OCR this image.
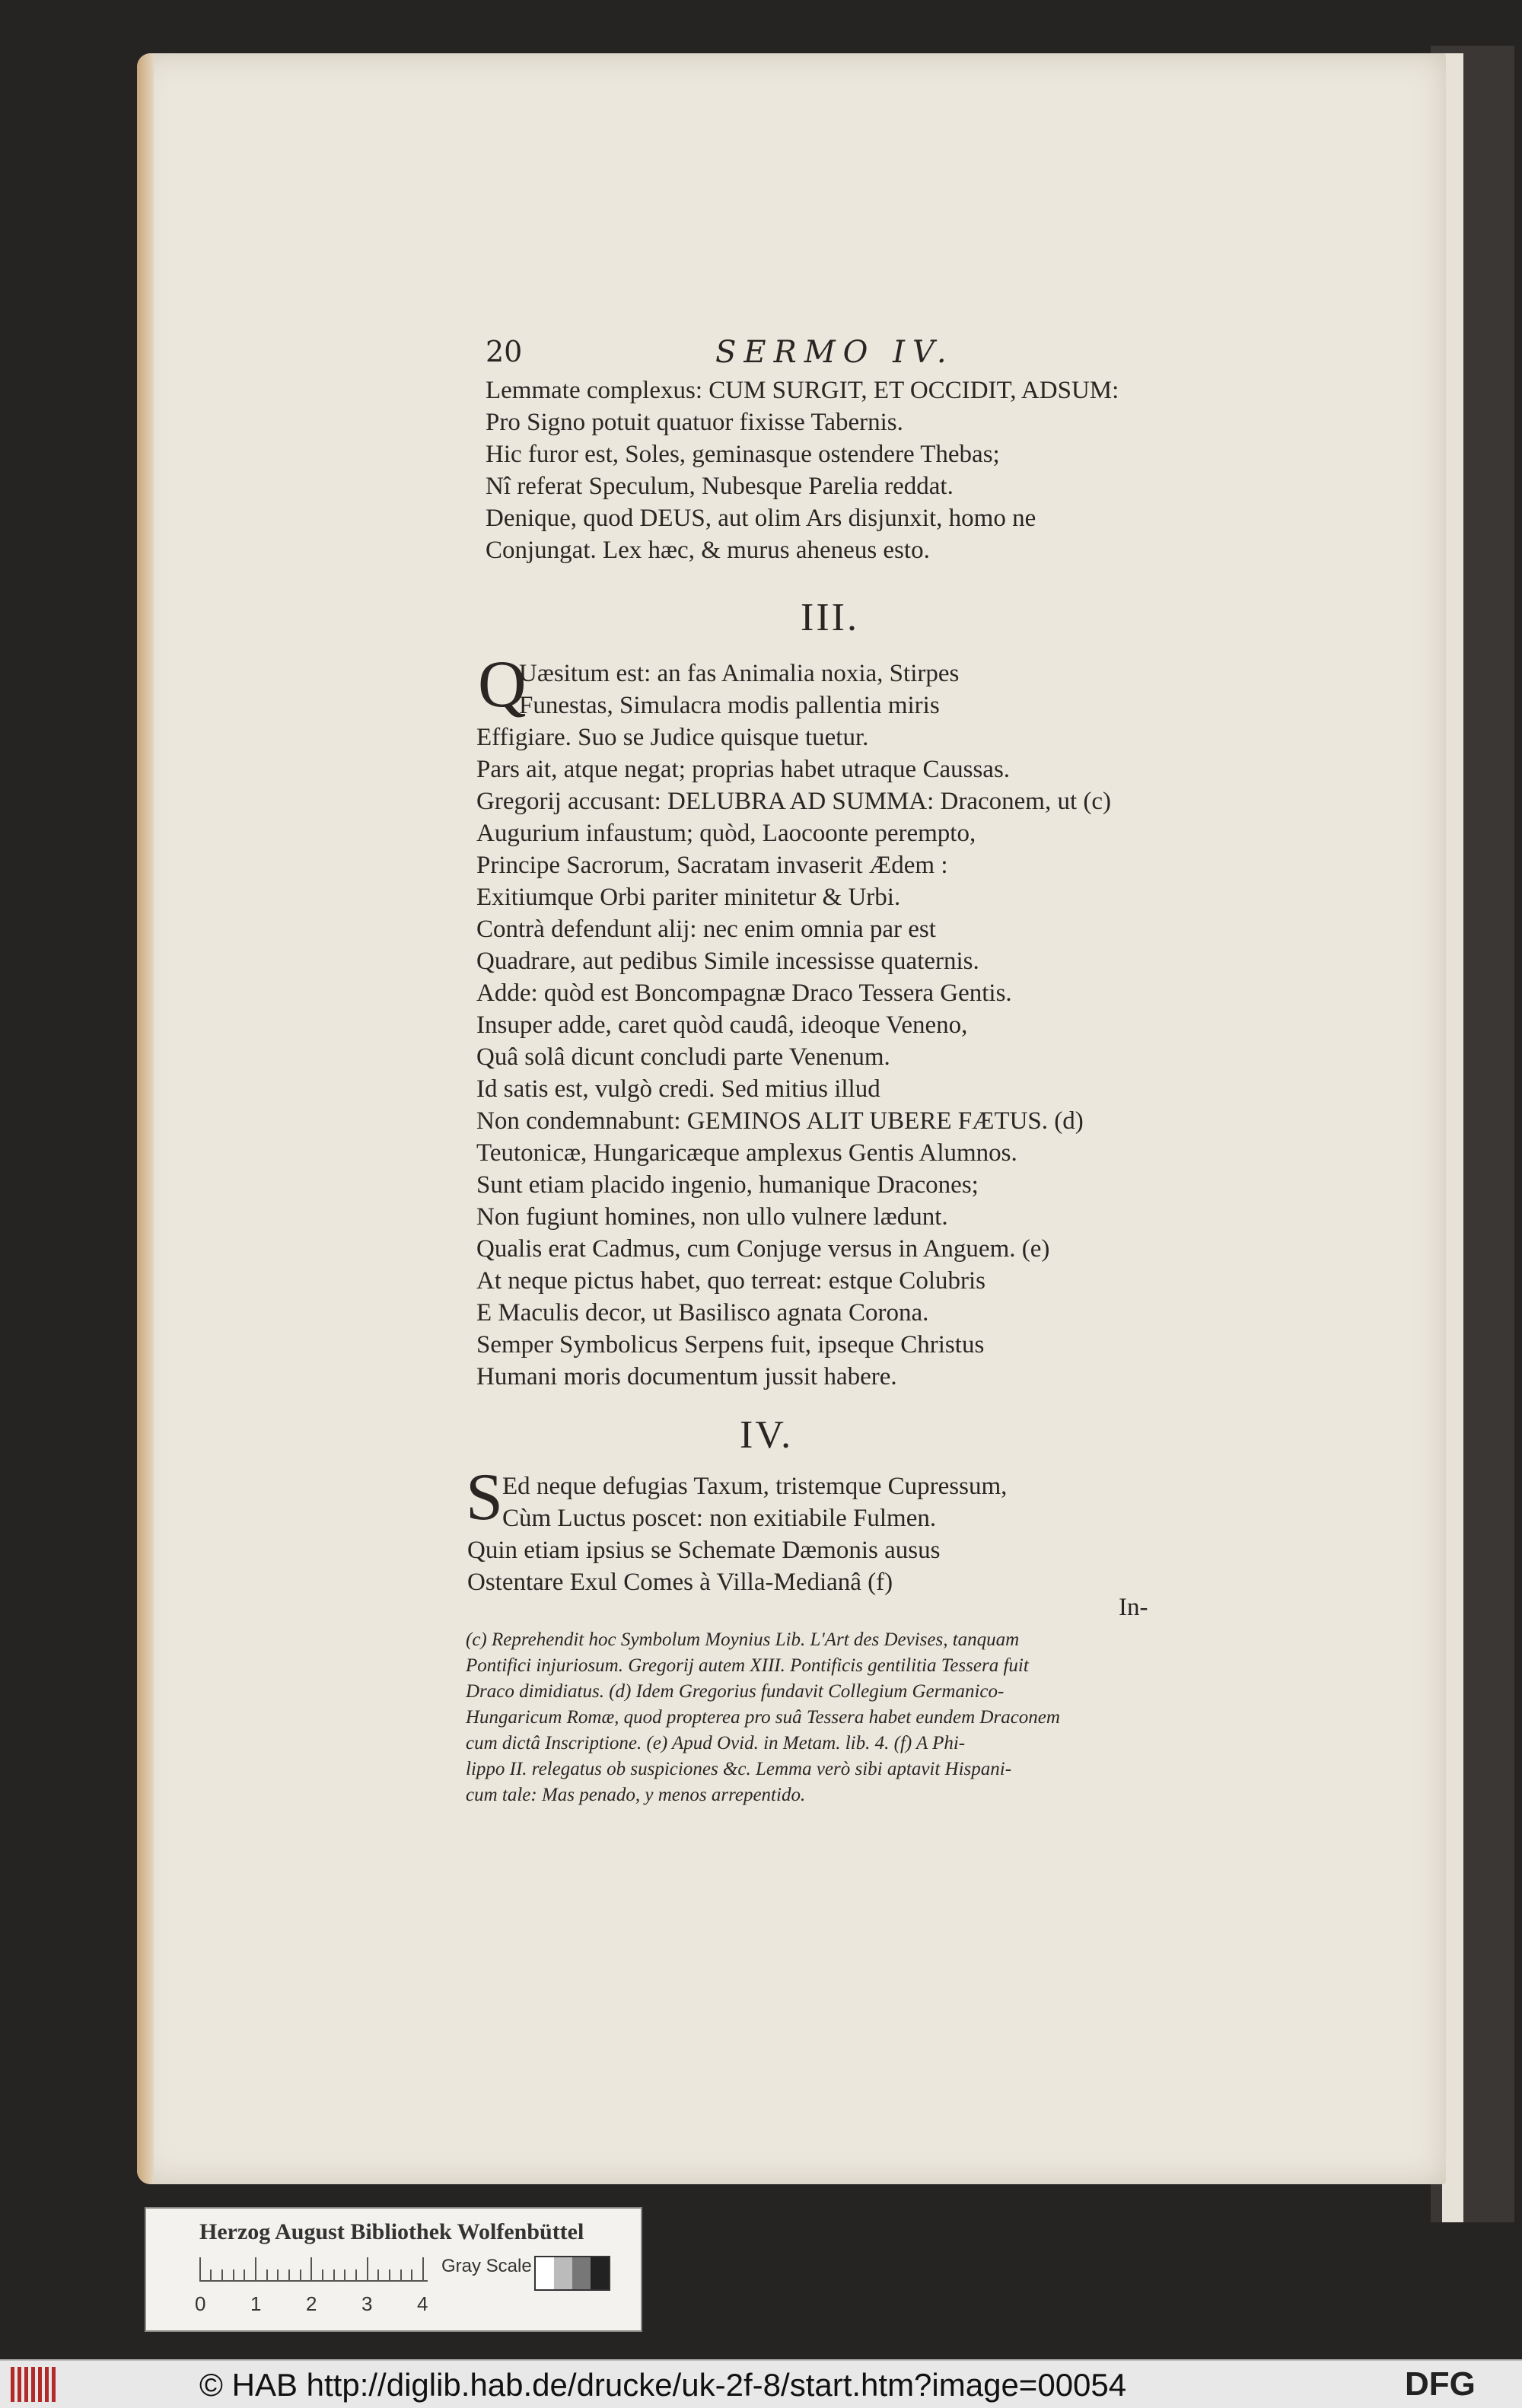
20	SERMO IV.
Lemmate complexus: CUM SURGIT, ET OCCIDIT, ADSUM:
Pro Signo potuit quatuor fixisse Tabernis.
Hic furor est, Soles, geminasque ostendere Thebas;
Nî referat Speculum, Nubesque Parelia reddat.
Denique, quod DEUS, aut olim Ars disjunxit, homo ne
Conjungat. Lex hæc, & murus aheneus esto.
III.
Q
Uæsitum est: an fas Animalia noxia, Stirpes
Funestas, Simulacra modis pallentia miris
Effigiare. Suo se Judice quisque tuetur.
Pars ait, atque negat; proprias habet utraque Caussas.
Gregorij accusant: DELUBRA AD SUMMA: Draconem, ut (c)
Augurium infaustum; quòd, Laocoonte perempto,
Principe Sacrorum, Sacratam invaserit Ædem :
Exitiumque Orbi pariter minitetur & Urbi.
Contrà defendunt alij: nec enim omnia par est
Quadrare, aut pedibus Simile incessisse quaternis.
Adde: quòd est Boncompagnæ Draco Tessera Gentis.
Insuper adde, caret quòd caudâ, ideoque Veneno,
Quâ solâ dicunt concludi parte Venenum.
Id satis est, vulgò credi. Sed mitius illud
Non condemnabunt: GEMINOS ALIT UBERE FÆTUS. (d)
Teutonicæ, Hungaricæque amplexus Gentis Alumnos.
Sunt etiam placido ingenio, humanique Dracones;
Non fugiunt homines, non ullo vulnere lædunt.
Qualis erat Cadmus, cum Conjuge versus in Anguem. (e)
At neque pictus habet, quo terreat: estque Colubris
E Maculis decor, ut Basilisco agnata Corona.
Semper Symbolicus Serpens fuit, ipseque Christus
Humani moris documentum jussit habere.
IV.
S Ed neque defugias Taxum, tristemque Cupressum,
Cùm Luctus poscet: non exitiabile Fulmen.
Quin etiam ipsius se Schemate Dæmonis ausus
Ostentare Exul Comes à Villa-Medianâ (f)
In-
(c) Reprehendit hoc Symbolum Moynius Lib. L'Art des Devises, tanquam
Pontifici injuriosum. Gregorij autem XIII. Pontificis gentilitia Tessera fuit
Draco dimidiatus. (d) Idem Gregorius fundavit Collegium Germanico-
Hungaricum Romæ, quod propterea pro suâ Tessera habet eundem Draconem
cum dictâ Inscriptione. (e) Apud Ovid. in Metam. lib. 4. (f) A Phi-
lippo II. relegatus ob suspiciones &c. Lemma verò sibi aptavit Hispani-
cum tale: Mas penado, y menos arrepentido.
Herzog August Bibliothek Wolfenbüttel
0 1 2 3 4
Gray Scale
© HAB http://diglib.hab.de/drucke/uk-2f-8/start.htm?image=00054	DFG
